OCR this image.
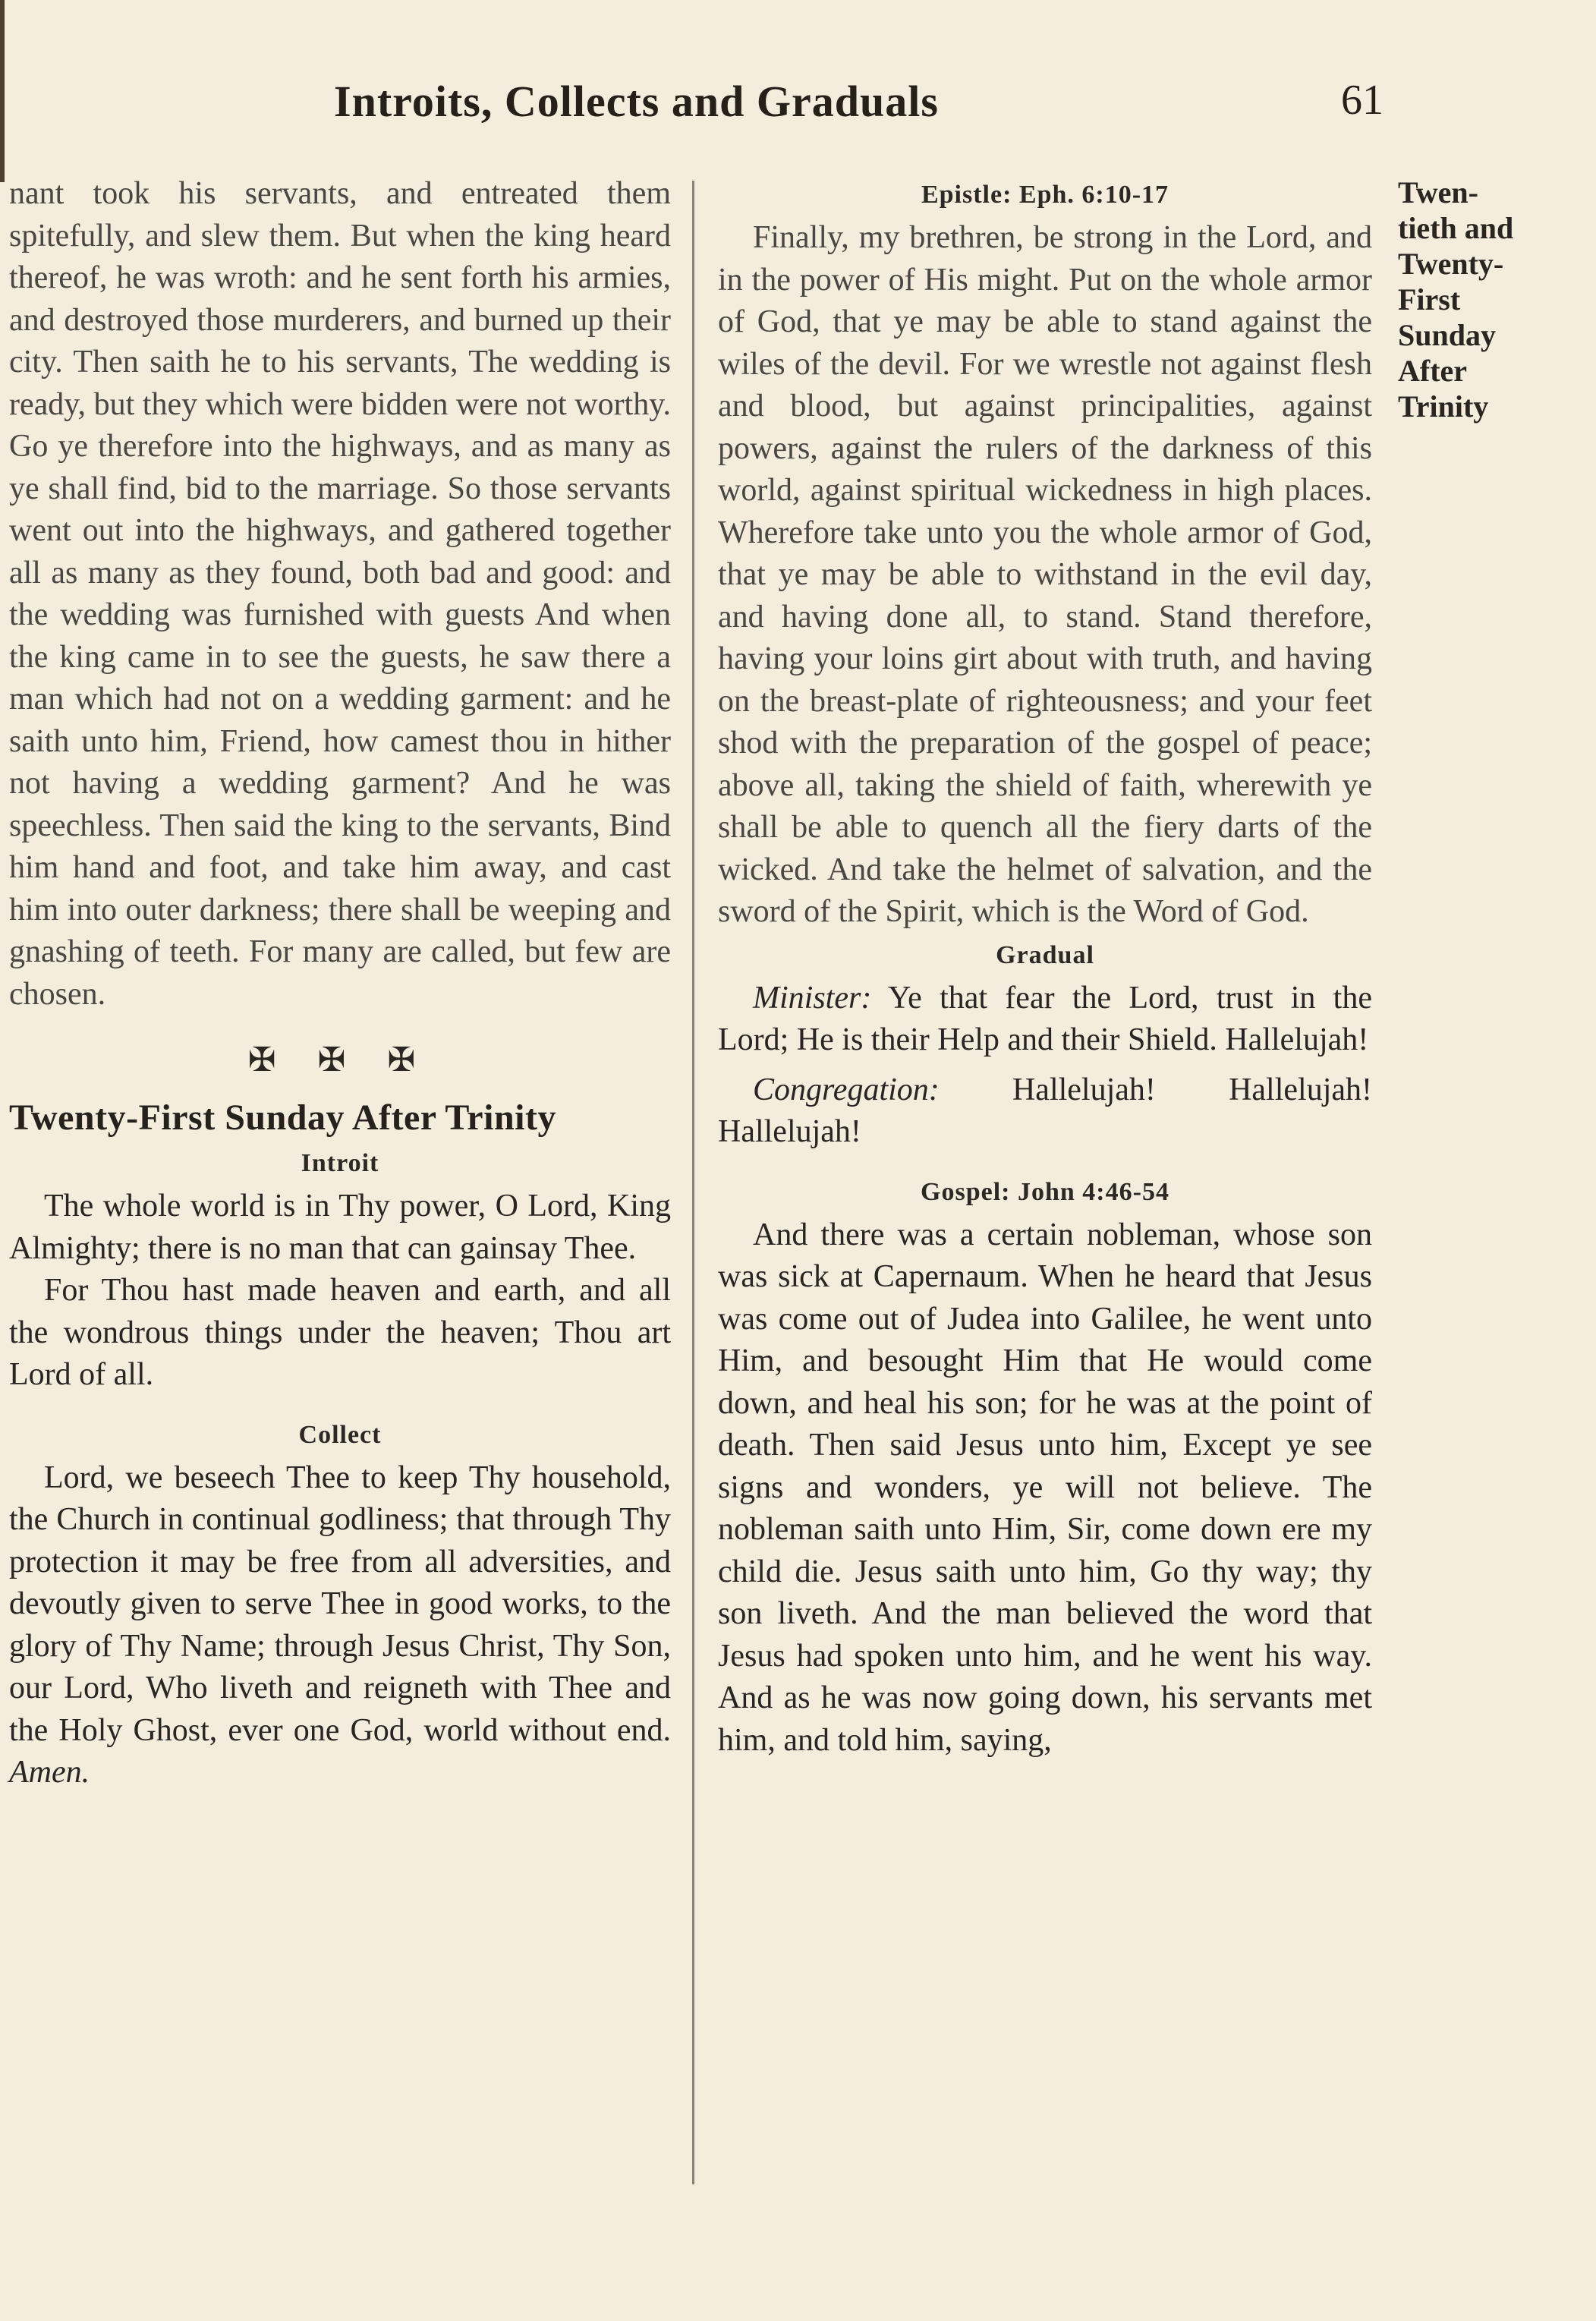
Introits, Collects and Graduals	61

nant took his servants, and entreated them spitefully, and slew them. But when the king heard thereof, he was wroth: and he sent forth his armies, and destroyed those murderers, and burned up their city. Then saith he to his servants, The wedding is ready, but they which were bidden were not worthy. Go ye therefore into the highways, and as many as ye shall find, bid to the marriage. So those servants went out into the highways, and gathered together all as many as they found, both bad and good: and the wedding was furnished with guests And when the king came in to see the guests, he saw there a man which had not on a wedding garment: and he saith unto him, Friend, how camest thou in hither not having a wedding garment? And he was speechless. Then said the king to the servants, Bind him hand and foot, and take him away, and cast him into outer darkness; there shall be weeping and gnashing of teeth. For many are called, but few are chosen.

✠ ✠ ✠
Twenty-First Sunday After Trinity
Introit

The whole world is in Thy power, O Lord, King Almighty; there is no man that can gainsay Thee.

For Thou hast made heaven and earth, and all the wondrous things under the heaven; Thou art Lord of all.

Collect

Lord, we beseech Thee to keep Thy household, the Church in continual godliness; that through Thy protection it may be free from all adversities, and devoutly given to serve Thee in good works, to the glory of Thy Name; through Jesus Christ, Thy Son, our Lord, Who liveth and reigneth with Thee and the Holy Ghost, ever one God, world without end. Amen.

Epistle: Eph. 6:10-17

Finally, my brethren, be strong in the Lord, and in the power of His might. Put on the whole armor of God, that ye may be able to stand against the wiles of the devil. For we wrestle not against flesh and blood, but against principalities, against powers, against the rulers of the darkness of this world, against spiritual wickedness in high places. Wherefore take unto you the whole armor of God, that ye may be able to withstand in the evil day, and having done all, to stand. Stand therefore, having your loins girt about with truth, and having on the breast-plate of righteousness; and your feet shod with the preparation of the gospel of peace; above all, taking the shield of faith, wherewith ye shall be able to quench all the fiery darts of the wicked. And take the helmet of salvation, and the sword of the Spirit, which is the Word of God.

Gradual

Minister: Ye that fear the Lord, trust in the Lord; He is their Help and their Shield. Hallelujah!

Congregation: Hallelujah! Hallelujah! Hallelujah!

Gospel: John 4:46-54

And there was a certain nobleman, whose son was sick at Capernaum. When he heard that Jesus was come out of Judea into Galilee, he went unto Him, and besought Him that He would come down, and heal his son; for he was at the point of death. Then said Jesus unto him, Except ye see signs and wonders, ye will not believe. The nobleman saith unto Him, Sir, come down ere my child die. Jesus saith unto him, Go thy way; thy son liveth. And the man believed the word that Jesus had spoken unto him, and he went his way. And as he was now going down, his servants met him, and told him, saying,

Twen-
tieth and
Twenty-
First
Sunday
After
Trinity
